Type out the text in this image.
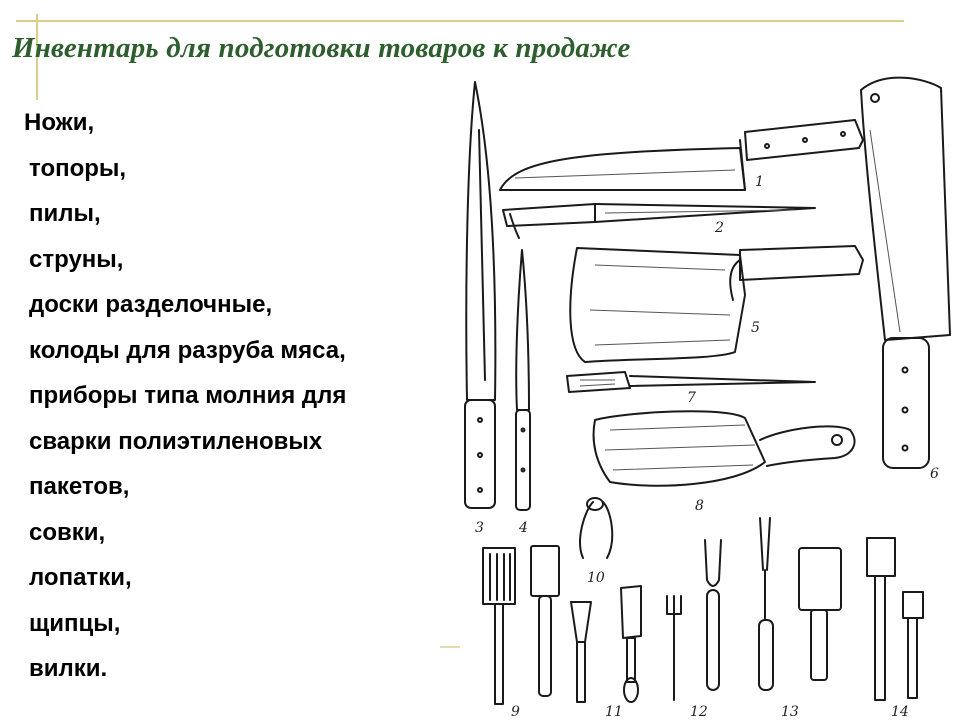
Инвентарь для подготовки товаров к продаже
Ножи,
топоры,
пилы,
струны,
доски разделочные,
колоды для разруба мяса,
приборы типа молния для
сварки полиэтиленовых
пакетов,
совки,
лопатки,
щипцы,
вилки.
1
2
3	4
5
6
7
8
9
10
11	12	13	14
